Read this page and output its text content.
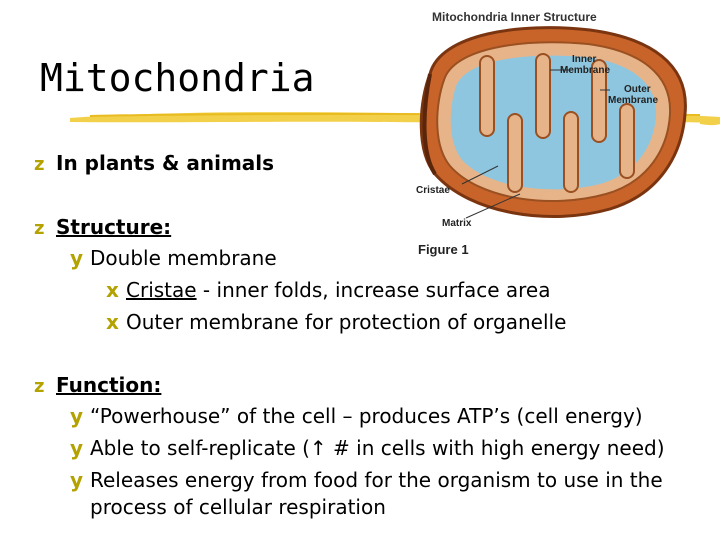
Mitochondria
Mitochondria Inner Structure
Inner
Membrane
Outer
Membrane
Cristae
Matrix
Figure 1
z In plants & animals
z Structure:
y Double membrane
x Cristae - inner folds, increase surface area
x Outer membrane for protection of organelle
z Function:
y “Powerhouse” of the cell – produces ATP’s (cell energy)
y Able to self-replicate (↑ # in cells with high energy need)
y Releases energy from food for the organism to use in the
process of cellular respiration
